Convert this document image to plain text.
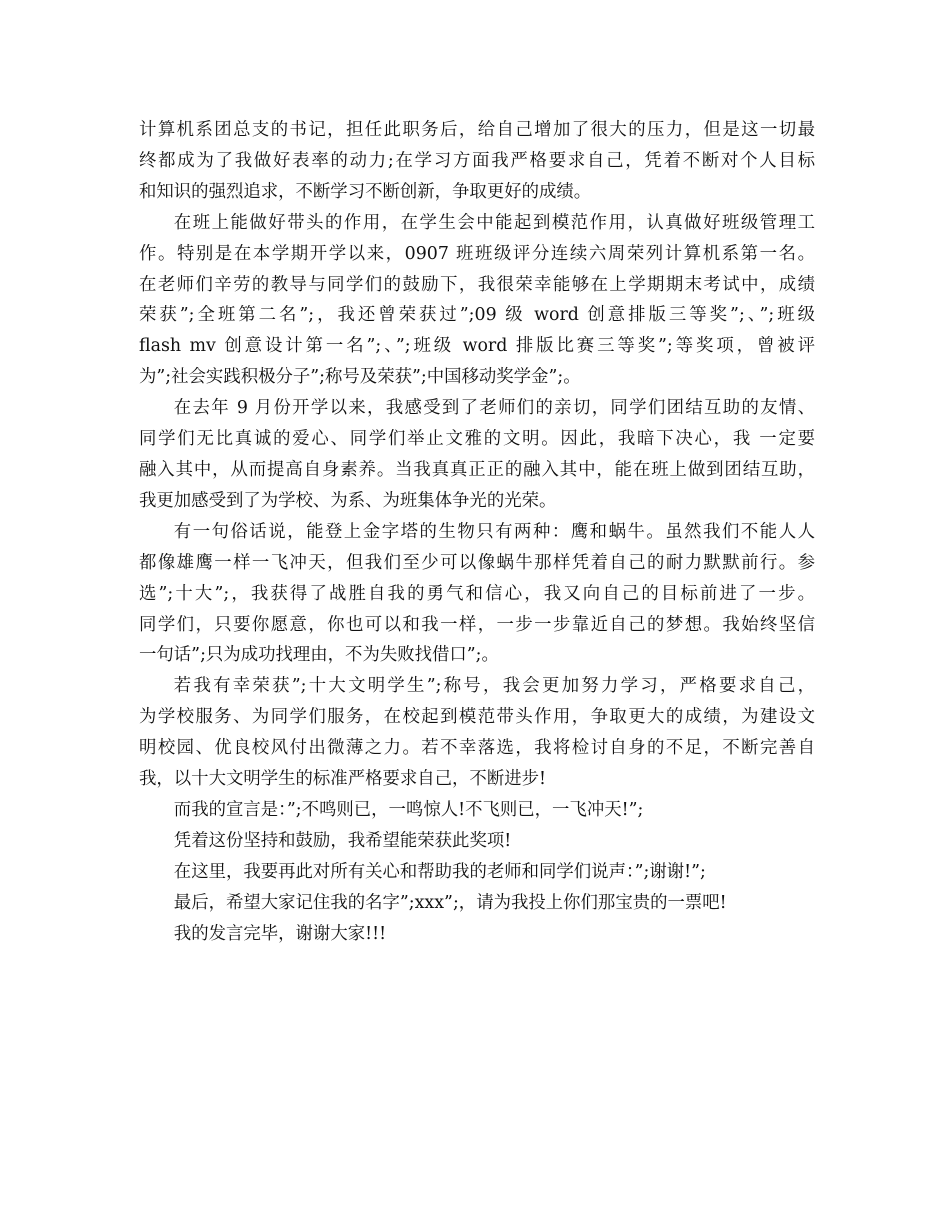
计算机系团总支的书记，担任此职务后，给自己增加了很大的压力，但是这一切最
终都成为了我做好表率的动力;在学习方面我严格要求自己，凭着不断对个人目标
和知识的强烈追求，不断学习不断创新，争取更好的成绩。
在班上能做好带头的作用，在学生会中能起到模范作用，认真做好班级管理工
作。特别是在本学期开学以来，0907 班班级评分连续六周荣列计算机系第一名。
在老师们辛劳的教导与同学们的鼓励下，我很荣幸能够在上学期期末考试中，成绩
荣获”;全班第二名”;，我还曾荣获过”;09 级 word 创意排版三等奖”;、”;班级
flash mv 创意设计第一名”;、”;班级 word 排版比赛三等奖”;等奖项，曾被评
为”;社会实践积极分子”;称号及荣获”;中国移动奖学金”;。
在去年 9 月份开学以来，我感受到了老师们的亲切，同学们团结互助的友情、
同学们无比真诚的爱心、同学们举止文雅的文明。因此，我暗下决心，我 一定要
融入其中，从而提高自身素养。当我真真正正的融入其中，能在班上做到团结互助，
我更加感受到了为学校、为系、为班集体争光的光荣。
有一句俗话说，能登上金字塔的生物只有两种：鹰和蜗牛。虽然我们不能人人
都像雄鹰一样一飞冲天，但我们至少可以像蜗牛那样凭着自己的耐力默默前行。参
选”;十大”;，我获得了战胜自我的勇气和信心，我又向自己的目标前进了一步。
同学们，只要你愿意，你也可以和我一样，一步一步靠近自己的梦想。我始终坚信
一句话”;只为成功找理由，不为失败找借口”;。
若我有幸荣获”;十大文明学生”;称号，我会更加努力学习，严格要求自己，
为学校服务、为同学们服务，在校起到模范带头作用，争取更大的成绩，为建设文
明校园、优良校风付出微薄之力。若不幸落选，我将检讨自身的不足，不断完善自
我，以十大文明学生的标准严格要求自己，不断进步!
而我的宣言是：”;不鸣则已，一鸣惊人!不飞则已，一飞冲天!”;
凭着这份坚持和鼓励，我希望能荣获此奖项!
在这里，我要再此对所有关心和帮助我的老师和同学们说声：”;谢谢!”;
最后，希望大家记住我的名字”;xxx”;，请为我投上你们那宝贵的一票吧!
我的发言完毕，谢谢大家!!!
